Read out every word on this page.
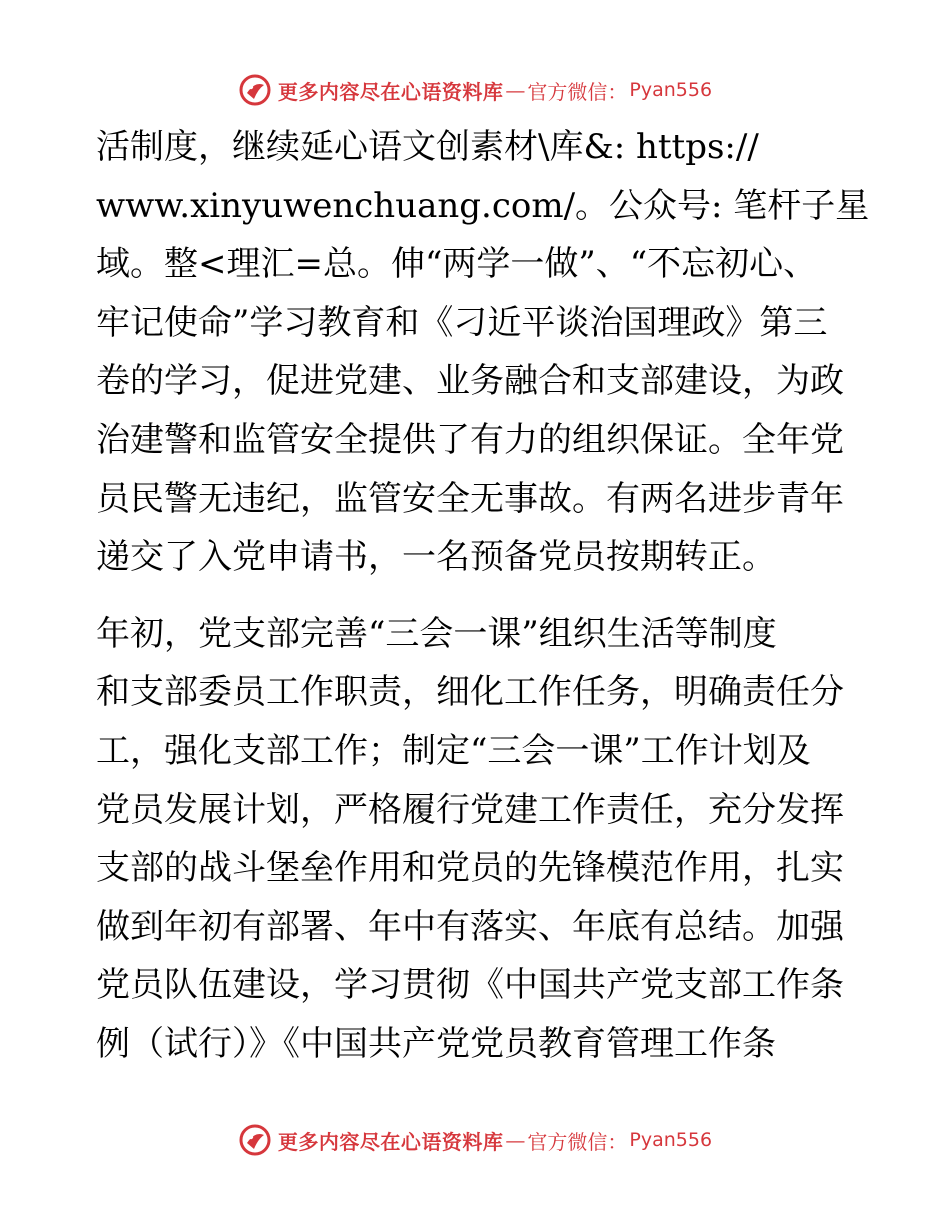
更多内容尽在心语资料库 — 官方微信： Pyan556
活制度，继续延心语文创素材\库&: https://
www.xinyuwenchuang.com/。公众号: 笔杆子星
域。整<理汇=总。伸“两学一做”、“不忘初心、
牢记使命”学习教育和《刁近平谈治国理政》第三
卷的学习，促进党建、业务融合和支部建设，为政
治建警和监管安全提供了有力的组织保证。全年党
员民警无违纪，监管安全无事故。有两名进步青年
递交了入党申请书，一名预备党员按期转正。
年初，党支部完善“三会一课”组织生活等制度
和支部委员工作职责，细化工作任务，明确责任分
工，强化支部工作；制定“三会一课”工作计划及
党员发展计划，严格履行党建工作责任，充分发挥
支部的战斗堡垒作用和党员的先锋模范作用，扎实
做到年初有部署、年中有落实、年底有总结。加强
党员队伍建设，学习贯彻《中国共产党支部工作条
例（试行）》《中国共产党党员教育管理工作条
更多内容尽在心语资料库 — 官方微信： Pyan556
